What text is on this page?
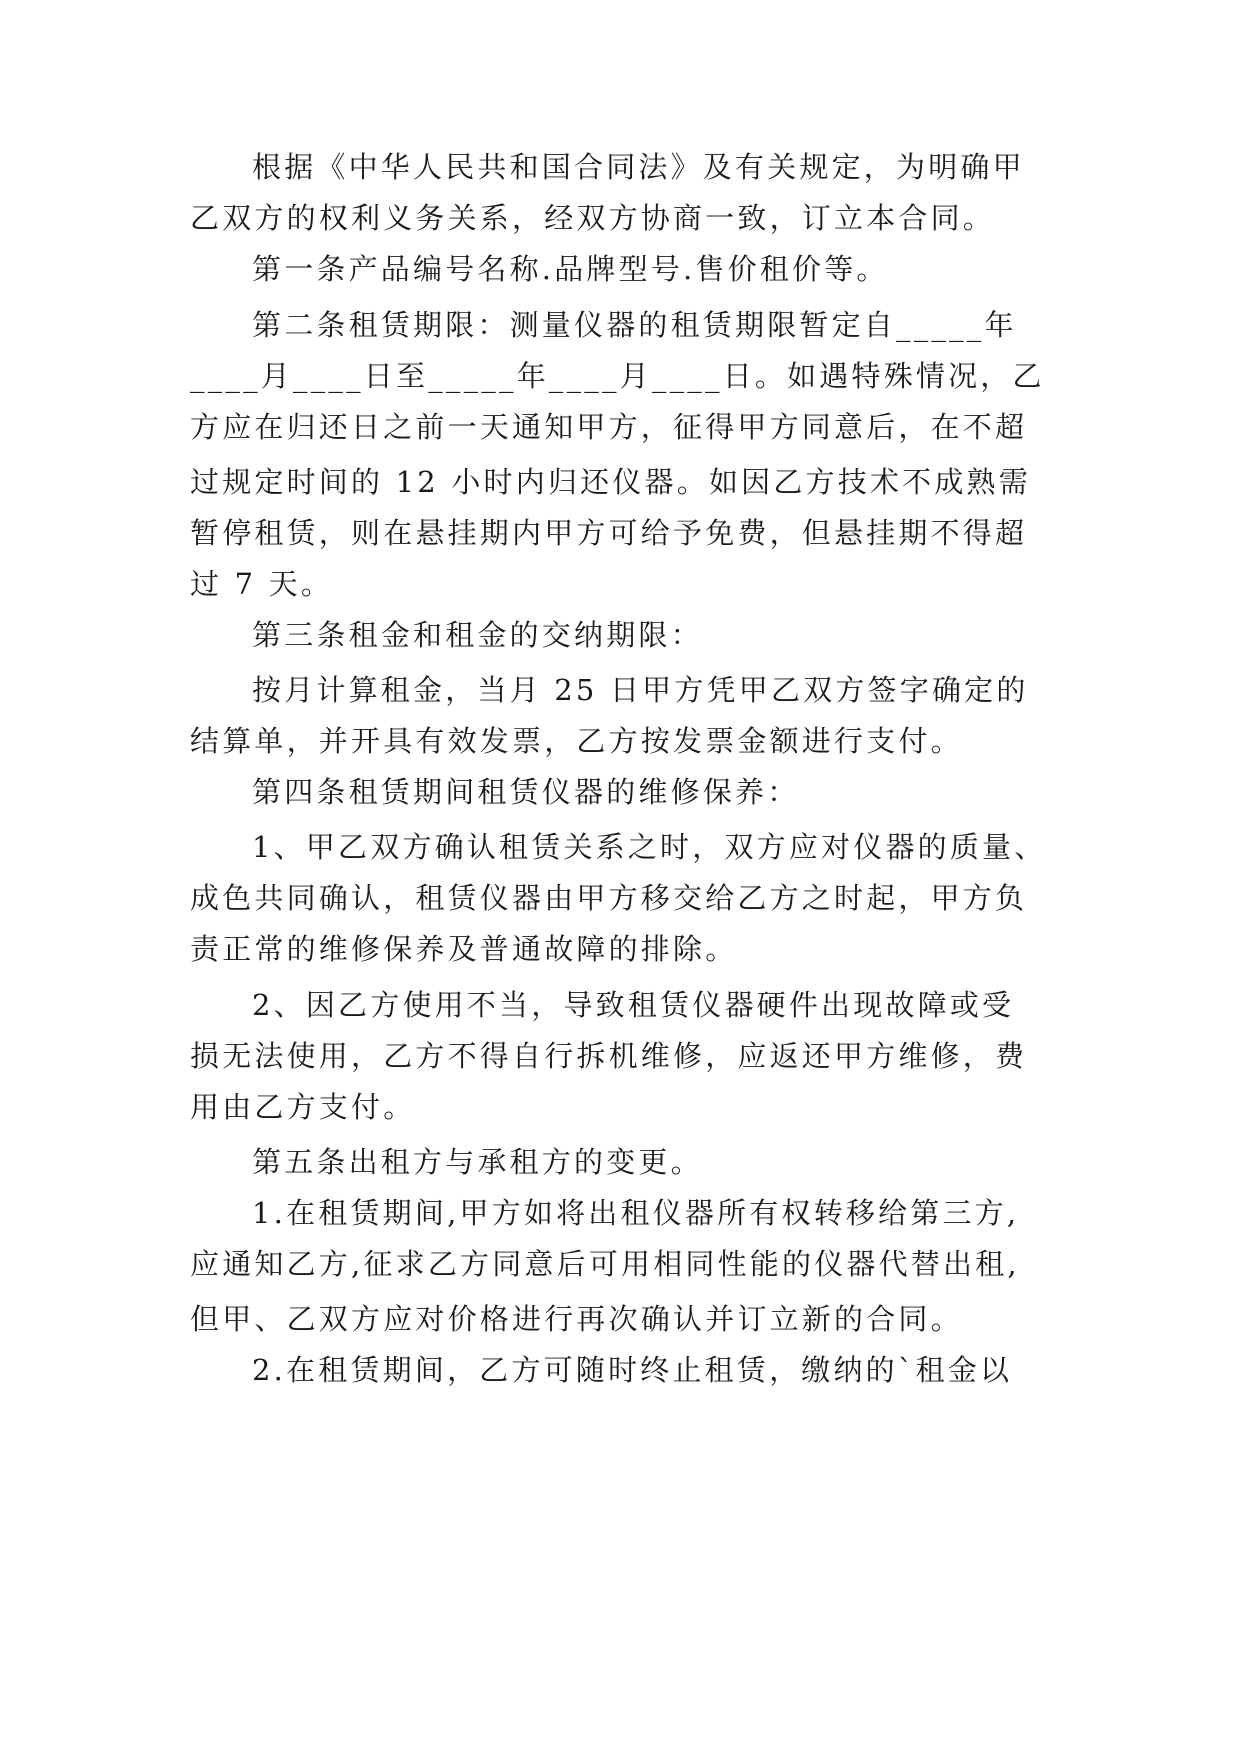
根据《中华人民共和国合同法》及有关规定，为明确甲
乙双方的权利义务关系，经双方协商一致，订立本合同。
第一条产品编号名称.品牌型号.售价租价等。
第二条租赁期限：测量仪器的租赁期限暂定自_____年
____月____日至_____年____月____日。如遇特殊情况，乙
方应在归还日之前一天通知甲方，征得甲方同意后，在不超
过规定时间的 12 小时内归还仪器。如因乙方技术不成熟需
暂停租赁，则在悬挂期内甲方可给予免费，但悬挂期不得超
过 7 天。
第三条租金和租金的交纳期限：
按月计算租金，当月 25 日甲方凭甲乙双方签字确定的
结算单，并开具有效发票，乙方按发票金额进行支付。
第四条租赁期间租赁仪器的维修保养：
1、甲乙双方确认租赁关系之时，双方应对仪器的质量、
成色共同确认，租赁仪器由甲方移交给乙方之时起，甲方负
责正常的维修保养及普通故障的排除。
2、因乙方使用不当，导致租赁仪器硬件出现故障或受
损无法使用，乙方不得自行拆机维修，应返还甲方维修，费
用由乙方支付。
第五条出租方与承租方的变更。
1.在租赁期间,甲方如将出租仪器所有权转移给第三方,
应通知乙方,征求乙方同意后可用相同性能的仪器代替出租,
但甲、乙双方应对价格进行再次确认并订立新的合同。
2.在租赁期间，乙方可随时终止租赁，缴纳的`租金以
